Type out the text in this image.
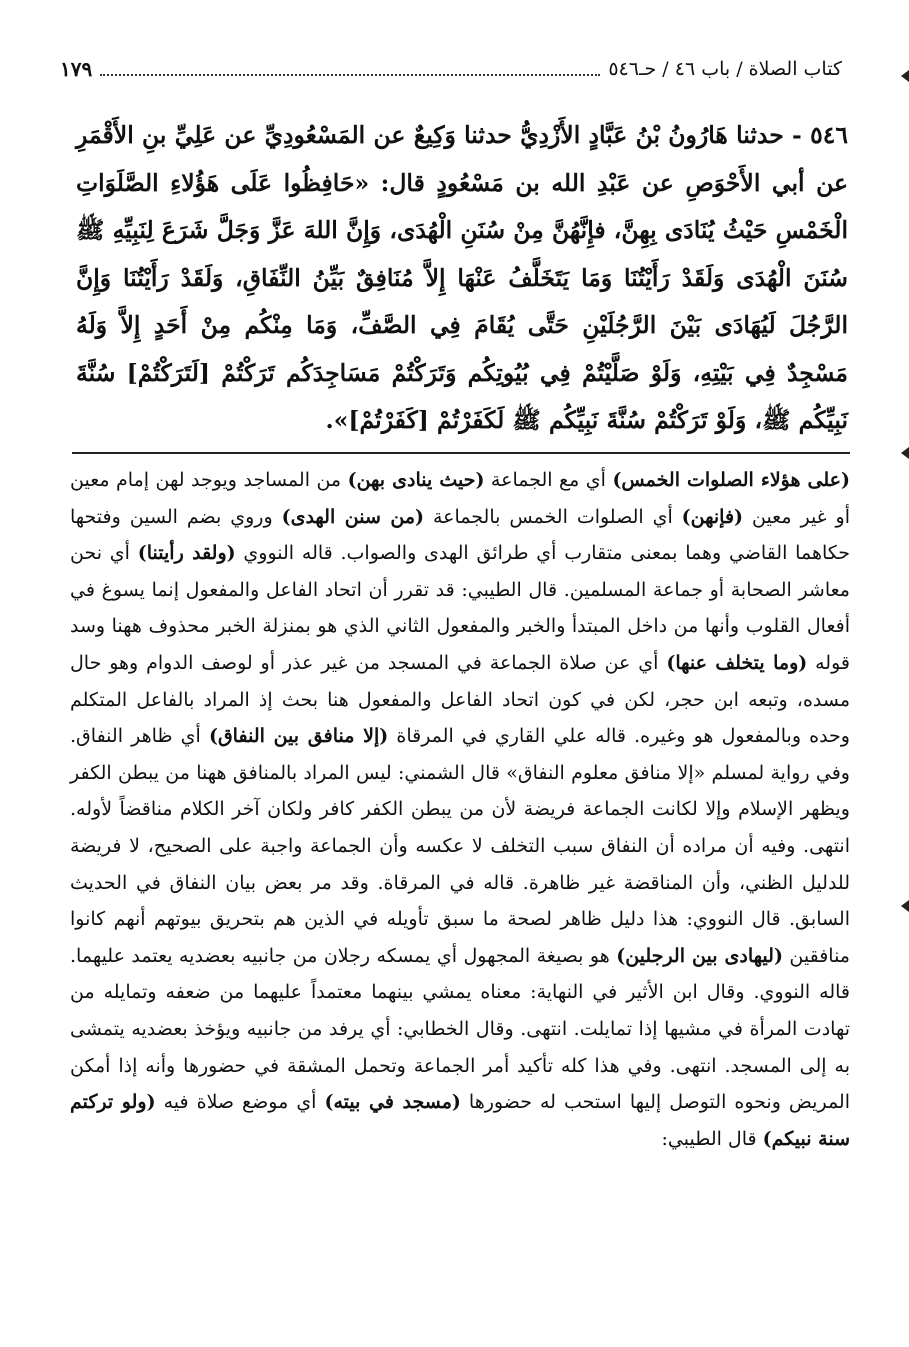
كتاب الصلاة / باب ٤٦ / حـ٥٤٦
١٧٩
٥٤٦ - حدثنا هَارُونُ بْنُ عَبَّادٍ الأَزْدِيُّ حدثنا وَكِيعٌ عن المَسْعُودِيِّ عن عَلِيِّ بنِ الأَقْمَرِ عن أبي الأَحْوَصِ عن عَبْدِ الله بن مَسْعُودٍ قال: «حَافِظُوا عَلَى هَؤُلاءِ الصَّلَوَاتِ الْخَمْسِ حَيْثُ يُنَادَى بِهِنَّ، فإِنَّهُنَّ مِنْ سُنَنِ الْهُدَى، وَإِنَّ اللهَ عَزَّ وَجَلَّ شَرَعَ لِنَبِيِّهِ ﷺ سُنَنَ الْهُدَى وَلَقَدْ رَأَيْتُنَا وَمَا يَتَخَلَّفُ عَنْهَا إِلاَّ مُنَافِقٌ بَيِّنُ النِّفَاقِ، وَلَقَدْ رَأَيْتُنَا وَإِنَّ الرَّجُلَ لَيُهَادَى بَيْنَ الرَّجُلَيْنِ حَتَّى يُقَامَ فِي الصَّفِّ، وَمَا مِنْكُم مِنْ أَحَدٍ إِلاَّ وَلَهُ مَسْجِدٌ فِي بَيْتِهِ، وَلَوْ صَلَّيْتُمْ فِي بُيُوتِكُم وَتَرَكْتُمْ مَسَاجِدَكُم تَرَكْتُمْ [لَتَرَكْتُمْ] سُنَّةَ نَبِيِّكُم ﷺ، وَلَوْ تَرَكْتُمْ سُنَّةَ نَبِيِّكُم ﷺ لَكَفَرْتُمْ [كَفَرْتُمْ]».
(على هؤلاء الصلوات الخمس) أي مع الجماعة (حيث ينادى بهن) من المساجد ويوجد لهن إمام معين أو غير معين (فإنهن) أي الصلوات الخمس بالجماعة (من سنن الهدى) وروي بضم السين وفتحها حكاهما القاضي وهما بمعنى متقارب أي طرائق الهدى والصواب. قاله النووي (ولقد رأيتنا) أي نحن معاشر الصحابة أو جماعة المسلمين. قال الطيبي: قد تقرر أن اتحاد الفاعل والمفعول إنما يسوغ في أفعال القلوب وأنها من داخل المبتدأ والخبر والمفعول الثاني الذي هو بمنزلة الخبر محذوف ههنا وسد قوله (وما يتخلف عنها) أي عن صلاة الجماعة في المسجد من غير عذر أو لوصف الدوام وهو حال مسده، وتبعه ابن حجر، لكن في كون اتحاد الفاعل والمفعول هنا بحث إذ المراد بالفاعل المتكلم وحده وبالمفعول هو وغيره. قاله علي القاري في المرقاة (إلا منافق بين النفاق) أي ظاهر النفاق. وفي رواية لمسلم «إلا منافق معلوم النفاق» قال الشمني: ليس المراد بالمنافق ههنا من يبطن الكفر ويظهر الإسلام وإلا لكانت الجماعة فريضة لأن من يبطن الكفر كافر ولكان آخر الكلام مناقضاً لأوله. انتهى. وفيه أن مراده أن النفاق سبب التخلف لا عكسه وأن الجماعة واجبة على الصحيح، لا فريضة للدليل الظني، وأن المناقضة غير ظاهرة. قاله في المرقاة. وقد مر بعض بيان النفاق في الحديث السابق. قال النووي: هذا دليل ظاهر لصحة ما سبق تأويله في الذين هم بتحريق بيوتهم أنهم كانوا منافقين (ليهادى بين الرجلين) هو بصيغة المجهول أي يمسكه رجلان من جانبيه بعضديه يعتمد عليهما. قاله النووي. وقال ابن الأثير في النهاية: معناه يمشي بينهما معتمداً عليهما من ضعفه وتمايله من تهادت المرأة في مشيها إذا تمايلت. انتهى. وقال الخطابي: أي يرفد من جانبيه ويؤخذ بعضديه يتمشى به إلى المسجد. انتهى. وفي هذا كله تأكيد أمر الجماعة وتحمل المشقة في حضورها وأنه إذا أمكن المريض ونحوه التوصل إليها استحب له حضورها (مسجد في بيته) أي موضع صلاة فيه (ولو تركتم سنة نبيكم) قال الطيبي:
